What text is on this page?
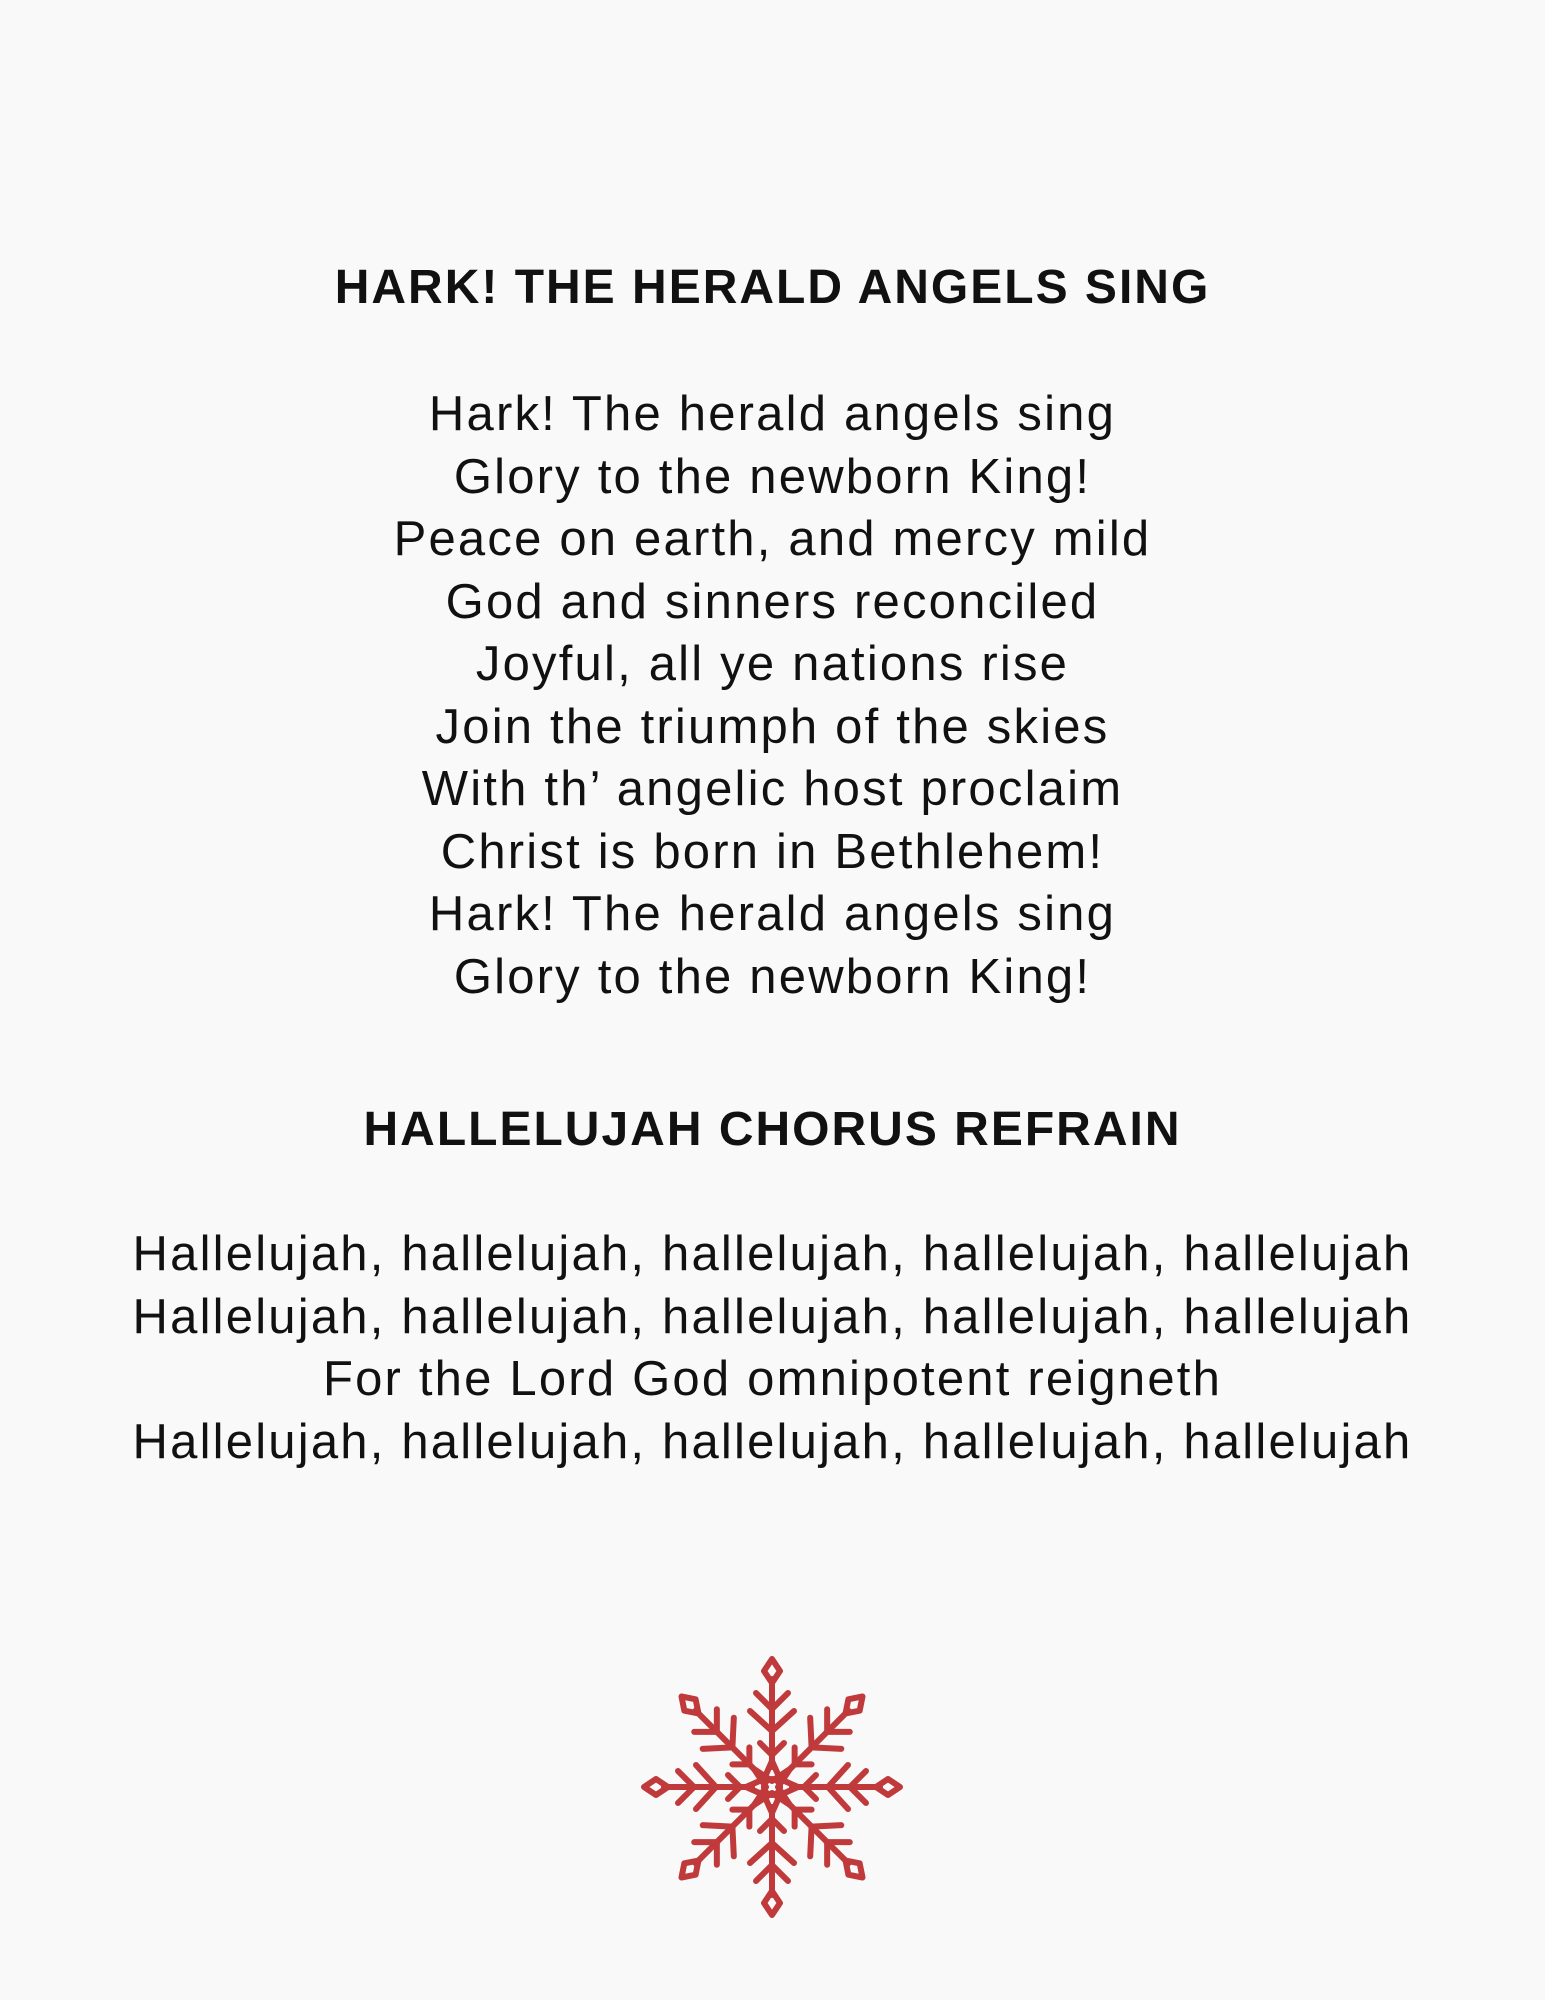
HARK! THE HERALD ANGELS SING
Hark! The herald angels sing
Glory to the newborn King!
Peace on earth, and mercy mild
God and sinners reconciled
Joyful, all ye nations rise
Join the triumph of the skies
With th’ angelic host proclaim
Christ is born in Bethlehem!
Hark! The herald angels sing
Glory to the newborn King!
HALLELUJAH CHORUS REFRAIN
Hallelujah, hallelujah, hallelujah, hallelujah, hallelujah
Hallelujah, hallelujah, hallelujah, hallelujah, hallelujah
For the Lord God omnipotent reigneth
Hallelujah, hallelujah, hallelujah, hallelujah, hallelujah
